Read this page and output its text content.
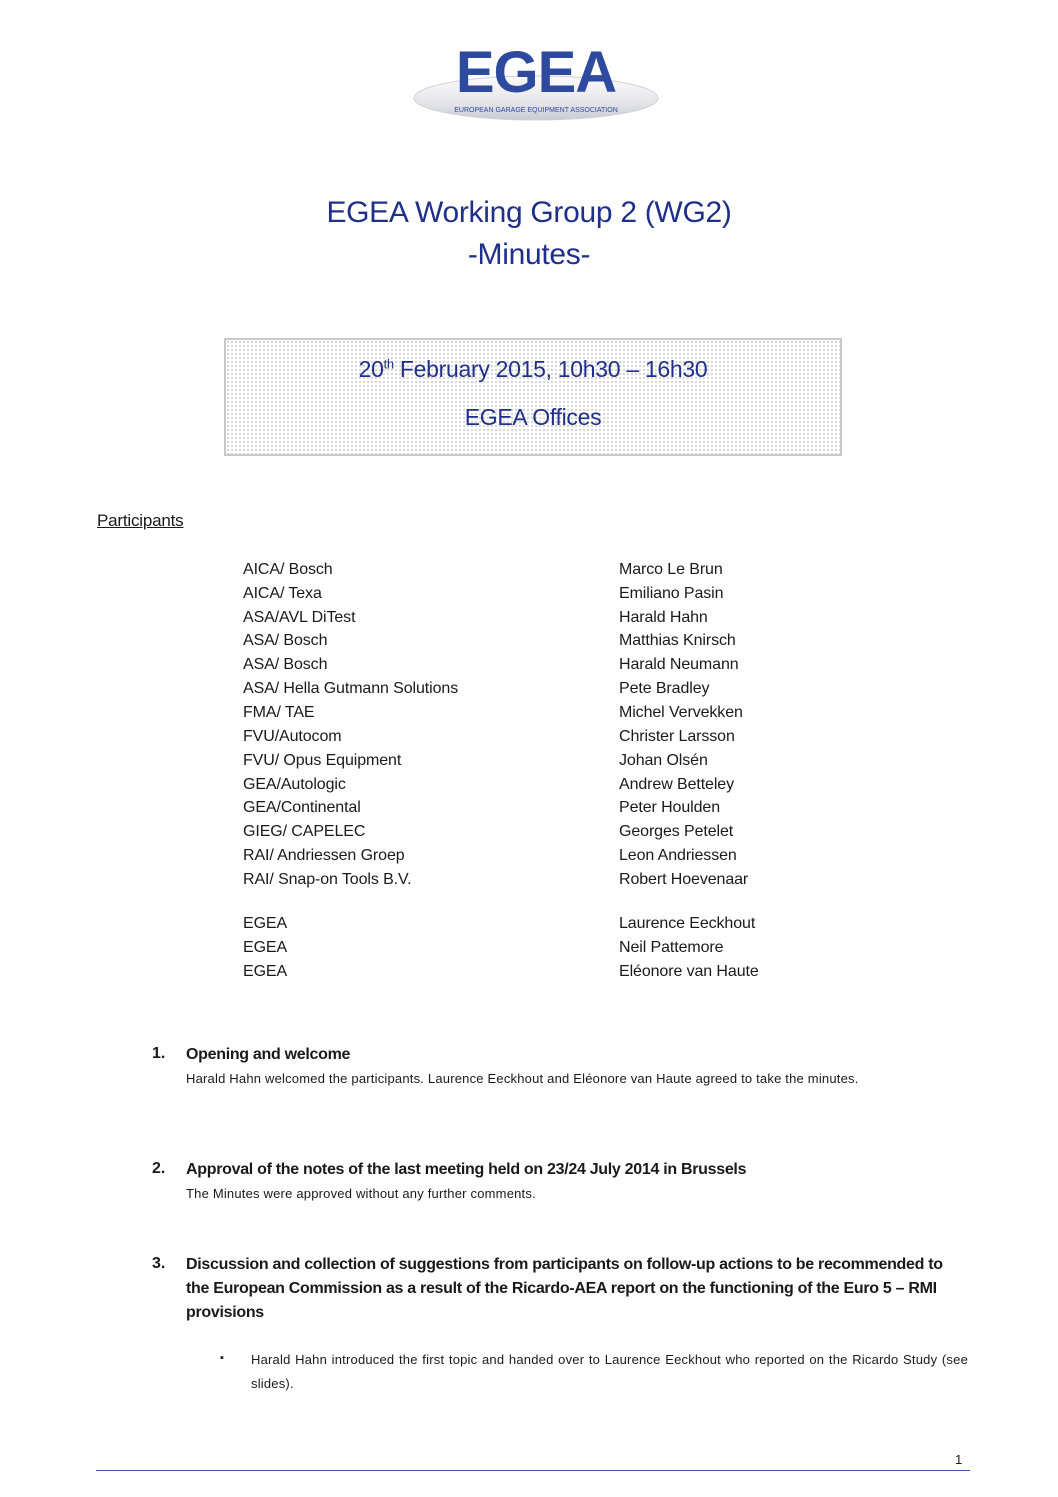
EGEA
EUROPEAN GARAGE EQUIPMENT ASSOCIATION
EGEA Working Group 2 (WG2)
-Minutes-
20th February 2015, 10h30 – 16h30
EGEA Offices
Participants
AICA/ Bosch	Marco Le Brun
AICA/ Texa	Emiliano Pasin
ASA/AVL DiTest	Harald Hahn
ASA/ Bosch	Matthias Knirsch
ASA/ Bosch	Harald Neumann
ASA/ Hella Gutmann Solutions	Pete Bradley
FMA/ TAE	Michel Vervekken
FVU/Autocom	Christer Larsson
FVU/ Opus Equipment	Johan Olsén
GEA/Autologic	Andrew Betteley
GEA/Continental	Peter Houlden
GIEG/ CAPELEC	Georges Petelet
RAI/ Andriessen Groep	Leon Andriessen
RAI/ Snap-on Tools B.V.	Robert Hoevenaar
EGEA	Laurence Eeckhout
EGEA	Neil Pattemore
EGEA	Eléonore van Haute
1. Opening and welcome
Harald Hahn welcomed the participants. Laurence Eeckhout and Eléonore van Haute agreed to take the minutes.
2. Approval of the notes of the last meeting held on 23/24 July 2014 in Brussels
The Minutes were approved without any further comments.
3. Discussion and collection of suggestions from participants on follow-up actions to be recommended to the European Commission as a result of the Ricardo-AEA report on the functioning of the Euro 5 – RMI provisions
▪ Harald Hahn introduced the first topic and handed over to Laurence Eeckhout who reported on the Ricardo Study (see slides).
1
